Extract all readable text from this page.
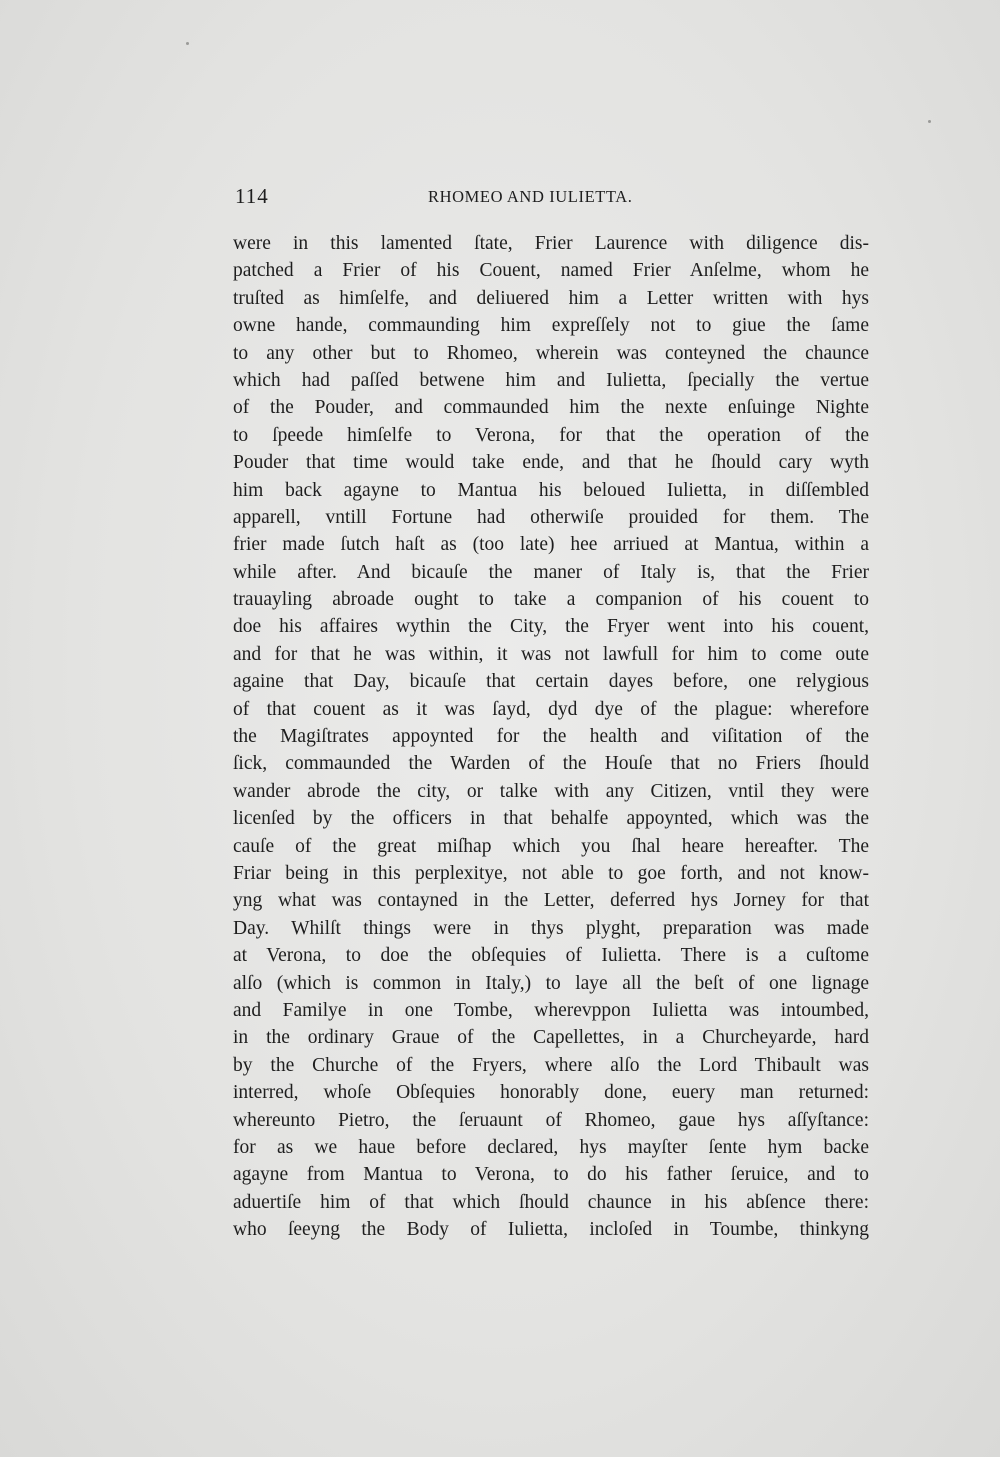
114	RHOMEO AND IULIETTA.
were in this lamented ſtate, Frier Laurence with diligence dis-
patched a Frier of his Couent, named Frier Anſelme, whom he
truſted as himſelfe, and deliuered him a Letter written with hys
owne hande, commaunding him expreſſely not to giue the ſame
to any other but to Rhomeo, wherein was conteyned the chaunce
which had paſſed betwene him and Iulietta, ſpecially the vertue
of the Pouder, and commaunded him the nexte enſuinge Nighte
to ſpeede himſelfe to Verona, for that the operation of the
Pouder that time would take ende, and that he ſhould cary wyth
him back agayne to Mantua his beloued Iulietta, in diſſembled
apparell, vntill Fortune had otherwiſe prouided for them. The
frier made ſutch haſt as (too late) hee arriued at Mantua, within a
while after. And bicauſe the maner of Italy is, that the Frier
trauayling abroade ought to take a companion of his couent to
doe his affaires wythin the City, the Fryer went into his couent,
and for that he was within, it was not lawfull for him to come oute
againe that Day, bicauſe that certain dayes before, one relygious
of that couent as it was ſayd, dyd dye of the plague: wherefore
the Magiſtrates appoynted for the health and viſitation of the
ſick, commaunded the Warden of the Houſe that no Friers ſhould
wander abrode the city, or talke with any Citizen, vntil they were
licenſed by the officers in that behalfe appoynted, which was the
cauſe of the great miſhap which you ſhal heare hereafter. The
Friar being in this perplexitye, not able to goe forth, and not know-
yng what was contayned in the Letter, deferred hys Jorney for that
Day. Whilſt things were in thys plyght, preparation was made
at Verona, to doe the obſequies of Iulietta. There is a cuſtome
alſo (which is common in Italy,) to laye all the beſt of one lignage
and Familye in one Tombe, wherevppon Iulietta was intoumbed,
in the ordinary Graue of the Capellettes, in a Churcheyarde, hard
by the Churche of the Fryers, where alſo the Lord Thibault was
interred, whoſe Obſequies honorably done, euery man returned:
whereunto Pietro, the ſeruaunt of Rhomeo, gaue hys aſſyſtance:
for as we haue before declared, hys mayſter ſente hym backe
agayne from Mantua to Verona, to do his father ſeruice, and to
aduertiſe him of that which ſhould chaunce in his abſence there:
who ſeeyng the Body of Iulietta, incloſed in Toumbe, thinkyng
